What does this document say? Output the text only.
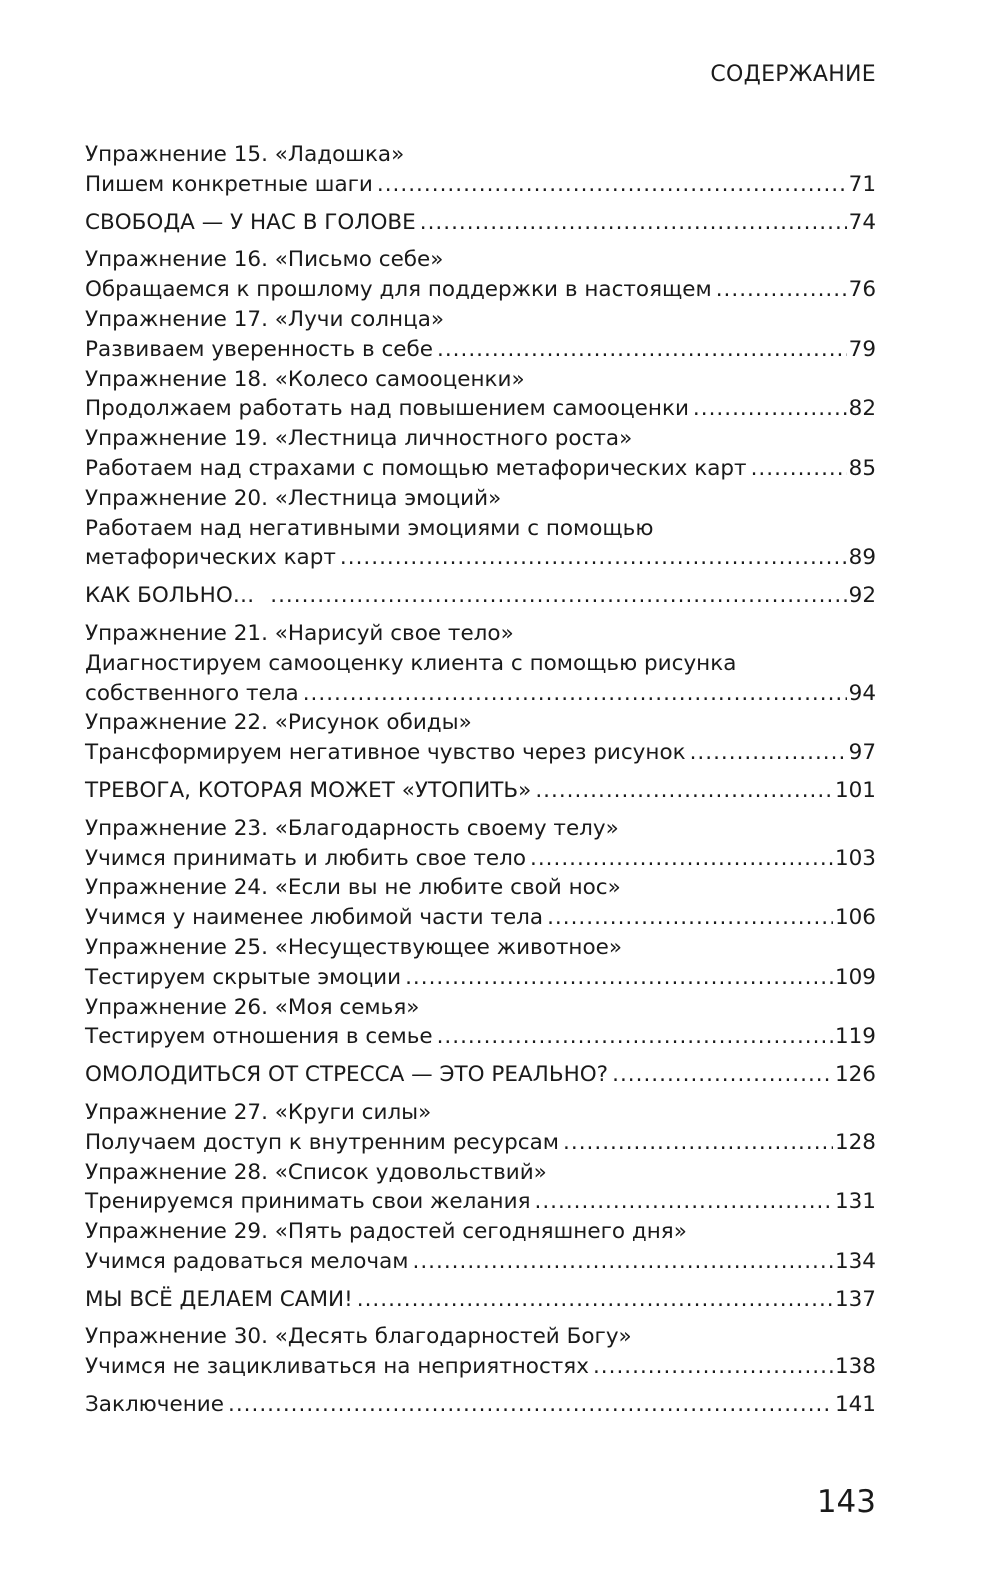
СОДЕРЖАНИЕ
Упражнение 15. «Ладошка»
Пишем конкретные шаги .....	71
СВОБОДА — У НАС В ГОЛОВЕ .....	74
Упражнение 16. «Письмо себе»
Обращаемся к прошлому для поддержки в настоящем .....	76
Упражнение 17. «Лучи солнца»
Развиваем уверенность в себе .....	79
Упражнение 18. «Колесо самооценки»
Продолжаем работать над повышением самооценки .....	82
Упражнение 19. «Лестница личностного роста»
Работаем над страхами с помощью метафорических карт .....	85
Упражнение 20. «Лестница эмоций»
Работаем над негативными эмоциями с помощью
метафорических карт .....	89
КАК БОЛЬНО… .....	92
Упражнение 21. «Нарисуй свое тело»
Диагностируем самооценку клиента с помощью рисунка
собственного тела .....	94
Упражнение 22. «Рисунок обиды»
Трансформируем негативное чувство через рисунок .....	97
ТРЕВОГА, КОТОРАЯ МОЖЕТ «УТОПИТЬ» .....	101
Упражнение 23. «Благодарность своему телу»
Учимся принимать и любить свое тело .....	103
Упражнение 24. «Если вы не любите свой нос»
Учимся у наименее любимой части тела .....	106
Упражнение 25. «Несуществующее животное»
Тестируем скрытые эмоции .....	109
Упражнение 26. «Моя семья»
Тестируем отношения в семье .....	119
ОМОЛОДИТЬСЯ ОТ СТРЕССА — ЭТО РЕАЛЬНО? .....	126
Упражнение 27. «Круги силы»
Получаем доступ к внутренним ресурсам .....	128
Упражнение 28. «Список удовольствий»
Тренируемся принимать свои желания .....	131
Упражнение 29. «Пять радостей сегодняшнего дня»
Учимся радоваться мелочам .....	134
МЫ ВСЁ ДЕЛАЕМ САМИ! .....	137
Упражнение 30. «Десять благодарностей Богу»
Учимся не зацикливаться на неприятностях .....	138
Заключение .....	141
143
